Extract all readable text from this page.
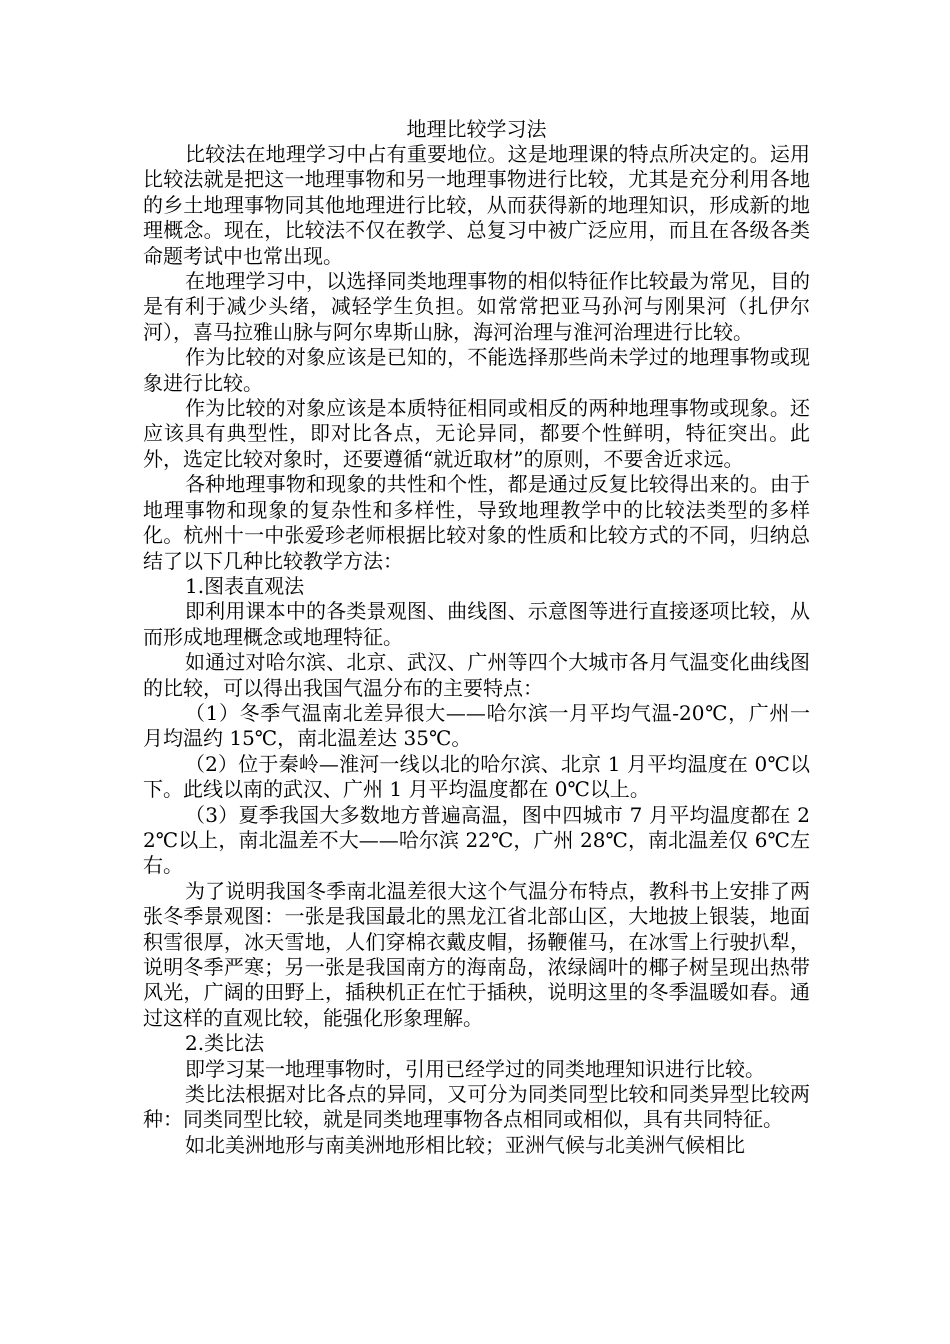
地理比较学习法

比较法在地理学习中占有重要地位。这是地理课的特点所决定的。运用比较法就是把这一地理事物和另一地理事物进行比较，尤其是充分利用各地的乡土地理事物同其他地理进行比较，从而获得新的地理知识，形成新的地理概念。现在，比较法不仅在教学、总复习中被广泛应用，而且在各级各类命题考试中也常出现。

在地理学习中，以选择同类地理事物的相似特征作比较最为常见，目的是有利于减少头绪，减轻学生负担。如常常把亚马孙河与刚果河（扎伊尔河），喜马拉雅山脉与阿尔卑斯山脉，海河治理与淮河治理进行比较。

作为比较的对象应该是已知的，不能选择那些尚未学过的地理事物或现象进行比较。

作为比较的对象应该是本质特征相同或相反的两种地理事物或现象。还应该具有典型性，即对比各点，无论异同，都要个性鲜明，特征突出。此外，选定比较对象时，还要遵循“就近取材”的原则，不要舍近求远。

各种地理事物和现象的共性和个性，都是通过反复比较得出来的。由于地理事物和现象的复杂性和多样性，导致地理教学中的比较法类型的多样化。杭州十一中张爱珍老师根据比较对象的性质和比较方式的不同，归纳总结了以下几种比较教学方法：

1.图表直观法

即利用课本中的各类景观图、曲线图、示意图等进行直接逐项比较，从而形成地理概念或地理特征。

如通过对哈尔滨、北京、武汉、广州等四个大城市各月气温变化曲线图的比较，可以得出我国气温分布的主要特点：

（1）冬季气温南北差异很大——哈尔滨一月平均气温-20℃，广州一月均温约 15℃，南北温差达 35℃。

（2）位于秦岭—淮河一线以北的哈尔滨、北京 1 月平均温度在 0℃以下。此线以南的武汉、广州 1 月平均温度都在 0℃以上。

（3）夏季我国大多数地方普遍高温，图中四城市 7 月平均温度都在 22℃以上，南北温差不大——哈尔滨 22℃，广州 28℃，南北温差仅 6℃左右。

为了说明我国冬季南北温差很大这个气温分布特点，教科书上安排了两张冬季景观图：一张是我国最北的黑龙江省北部山区，大地披上银装，地面积雪很厚，冰天雪地，人们穿棉衣戴皮帽，扬鞭催马，在冰雪上行驶扒犁，说明冬季严寒；另一张是我国南方的海南岛，浓绿阔叶的椰子树呈现出热带风光，广阔的田野上，插秧机正在忙于插秧，说明这里的冬季温暖如春。通过这样的直观比较，能强化形象理解。

2.类比法

即学习某一地理事物时，引用已经学过的同类地理知识进行比较。

类比法根据对比各点的异同，又可分为同类同型比较和同类异型比较两种：同类同型比较，就是同类地理事物各点相同或相似，具有共同特征。

如北美洲地形与南美洲地形相比较；亚洲气候与北美洲气候相比
